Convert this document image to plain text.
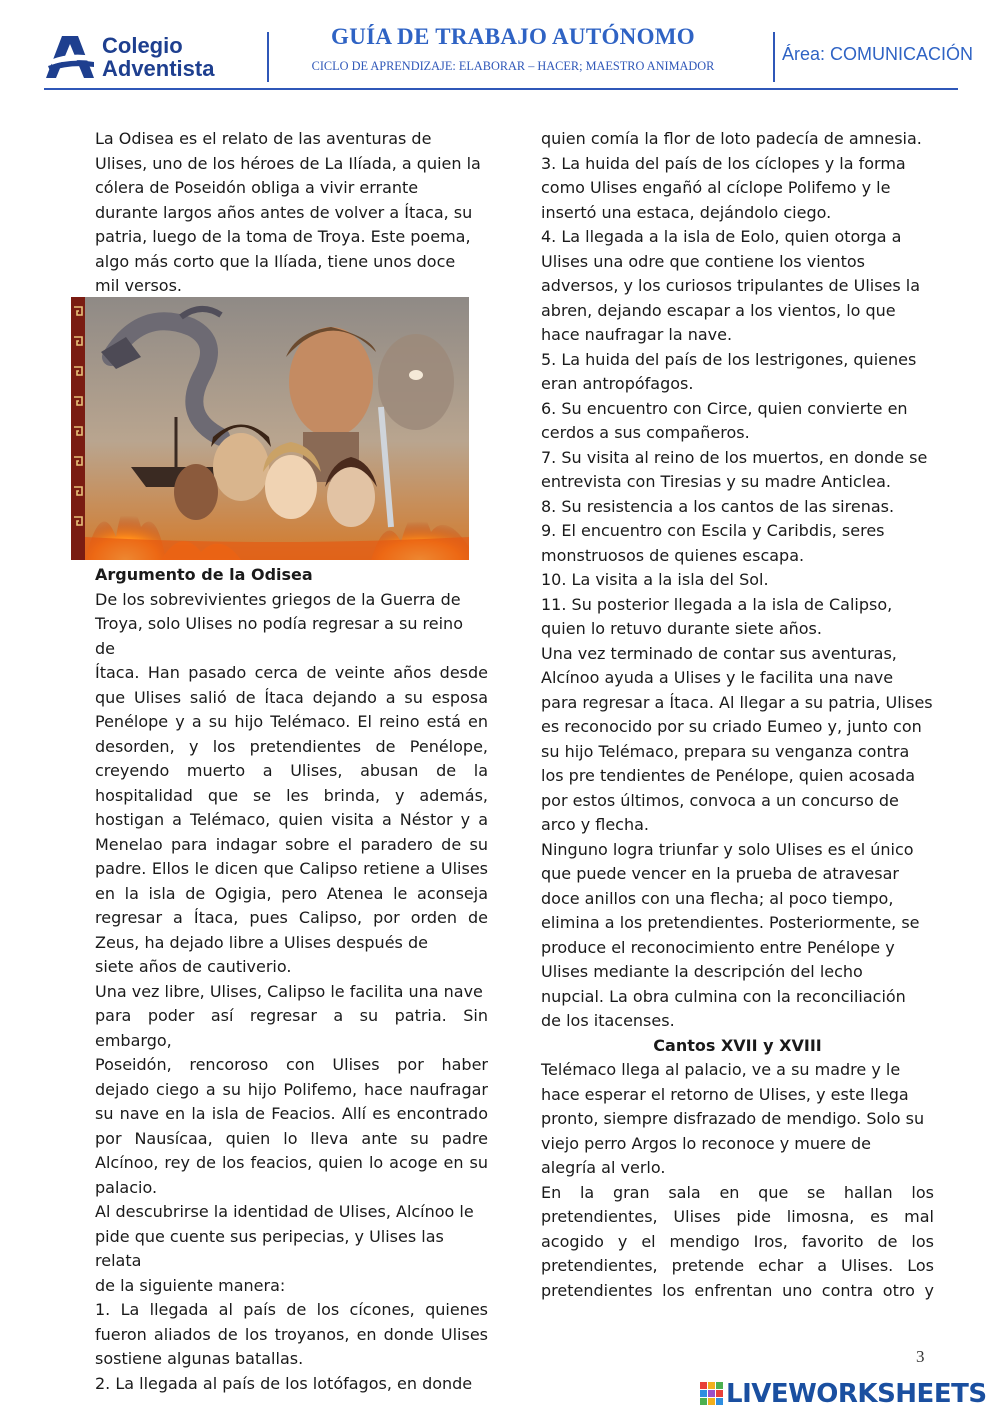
Colegio
Adventista
GUÍA DE TRABAJO AUTÓNOMO
CICLO DE APRENDIZAJE: ELABORAR – HACER; MAESTRO ANIMADOR
Área: COMUNICACIÓN
La Odisea es el relato de las aventuras de
Ulises, uno de los héroes de La Ilíada, a quien la
cólera de Poseidón obliga a vivir errante
durante largos años antes de volver a Ítaca, su
patria, luego de la toma de Troya. Este poema,
algo más corto que la Ilíada, tiene unos doce
mil versos.
Argumento de la Odisea
De los sobrevivientes griegos de la Guerra de
Troya, solo Ulises no podía regresar a su reino de
Ítaca. Han pasado cerca de veinte años desde
que Ulises salió de Ítaca dejando a su esposa
Penélope y a su hijo Telémaco. El reino está en
desorden, y los pretendientes de Penélope,
creyendo muerto a Ulises, abusan de la
hospitalidad que se les brinda, y además,
hostigan a Telémaco, quien visita a Néstor y a
Menelao para indagar sobre el paradero de su
padre. Ellos le dicen que Calipso retiene a Ulises
en la isla de Ogigia, pero Atenea le aconseja
regresar a Ítaca, pues Calipso, por orden de
Zeus, ha dejado libre a Ulises después de
siete años de cautiverio.
Una vez libre, Ulises, Calipso le facilita una nave
para poder así regresar a su patria. Sin embargo,
Poseidón, rencoroso con Ulises por haber
dejado ciego a su hijo Polifemo, hace naufragar
su nave en la isla de Feacios. Allí es encontrado
por Nausícaa, quien lo lleva ante su padre
Alcínoo, rey de los feacios, quien lo acoge en su
palacio.
Al descubrirse la identidad de Ulises, Alcínoo le
pide que cuente sus peripecias, y Ulises las relata
de la siguiente manera:
1. La llegada al país de los cícones, quienes
fueron aliados de los troyanos, en donde Ulises
sostiene algunas batallas.
2. La llegada al país de los lotófagos, en donde
quien comía la flor de loto padecía de amnesia.
3. La huida del país de los cíclopes y la forma
como Ulises engañó al cíclope Polifemo y le
insertó una estaca, dejándolo ciego.
4. La llegada a la isla de Eolo, quien otorga a
Ulises una odre que contiene los vientos
adversos, y los curiosos tripulantes de Ulises la
abren, dejando escapar a los vientos, lo que
hace naufragar la nave.
5. La huida del país de los lestrigones, quienes
eran antropófagos.
6. Su encuentro con Circe, quien convierte en
cerdos a sus compañeros.
7. Su visita al reino de los muertos, en donde se
entrevista con Tiresias y su madre Anticlea.
8. Su resistencia a los cantos de las sirenas.
9. El encuentro con Escila y Caribdis, seres
monstruosos de quienes escapa.
10. La visita a la isla del Sol.
11. Su posterior llegada a la isla de Calipso,
quien lo retuvo durante siete años.
Una vez terminado de contar sus aventuras,
Alcínoo ayuda a Ulises y le facilita una nave
para regresar a Ítaca. Al llegar a su patria, Ulises
es reconocido por su criado Eumeo y, junto con
su hijo Telémaco, prepara su venganza contra
los pre tendientes de Penélope, quien acosada
por estos últimos, convoca a un concurso de
arco y flecha.
Ninguno logra triunfar y solo Ulises es el único
que puede vencer en la prueba de atravesar
doce anillos con una flecha; al poco tiempo,
elimina a los pretendientes. Posteriormente, se
produce el reconocimiento entre Penélope y
Ulises mediante la descripción del lecho
nupcial. La obra culmina con la reconciliación
de los itacenses.
Cantos XVII y XVIII
Telémaco llega al palacio, ve a su madre y le
hace esperar el retorno de Ulises, y este llega
pronto, siempre disfrazado de mendigo. Solo su
viejo perro Argos lo reconoce y muere de
alegría al verlo.
En la gran sala en que se hallan los
pretendientes, Ulises pide limosna, es mal
acogido y el mendigo Iros, favorito de los
pretendientes, pretende echar a Ulises. Los
pretendientes los enfrentan uno contra otro y
3
LIVEWORKSHEETS
